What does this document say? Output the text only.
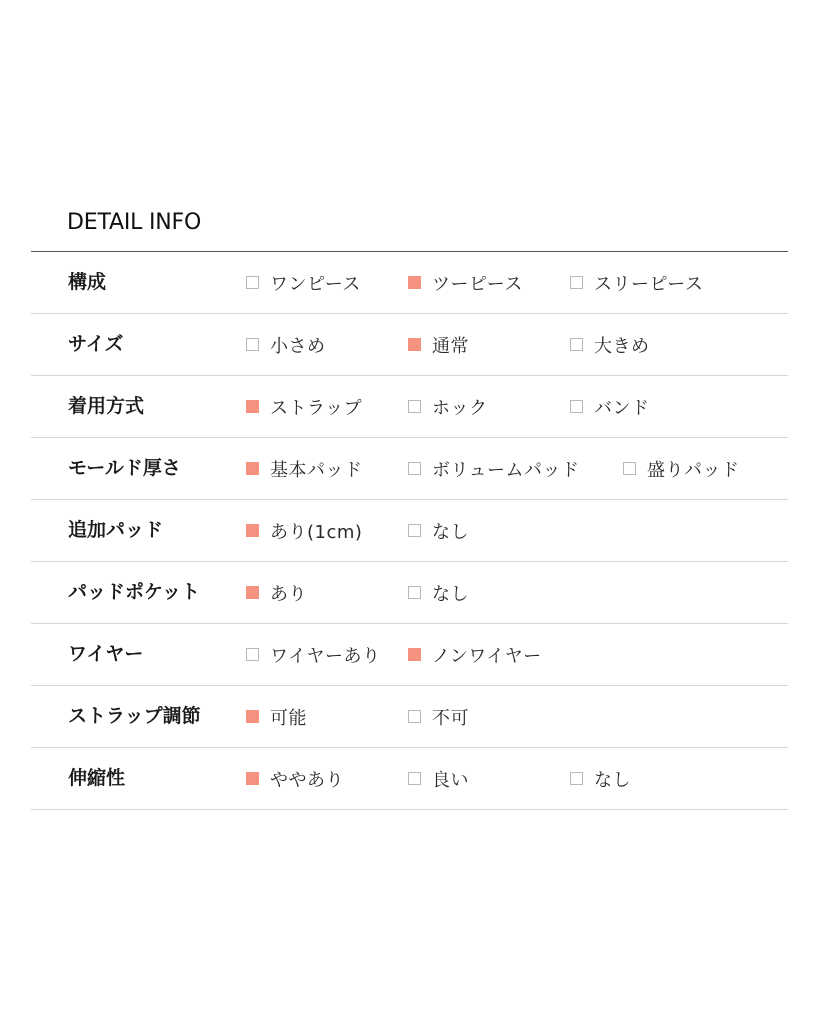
DETAIL INFO
構成	ワンピース	ツーピース	スリーピース
サイズ	小さめ	通常	大きめ
着用方式	ストラップ	ホック	バンド
モールド厚さ	基本パッド	ボリュームパッド	盛りパッド
追加パッド	あり(1cm)	なし
パッドポケット	あり	なし
ワイヤー	ワイヤーあり	ノンワイヤー
ストラップ調節	可能	不可
伸縮性	ややあり	良い	なし
